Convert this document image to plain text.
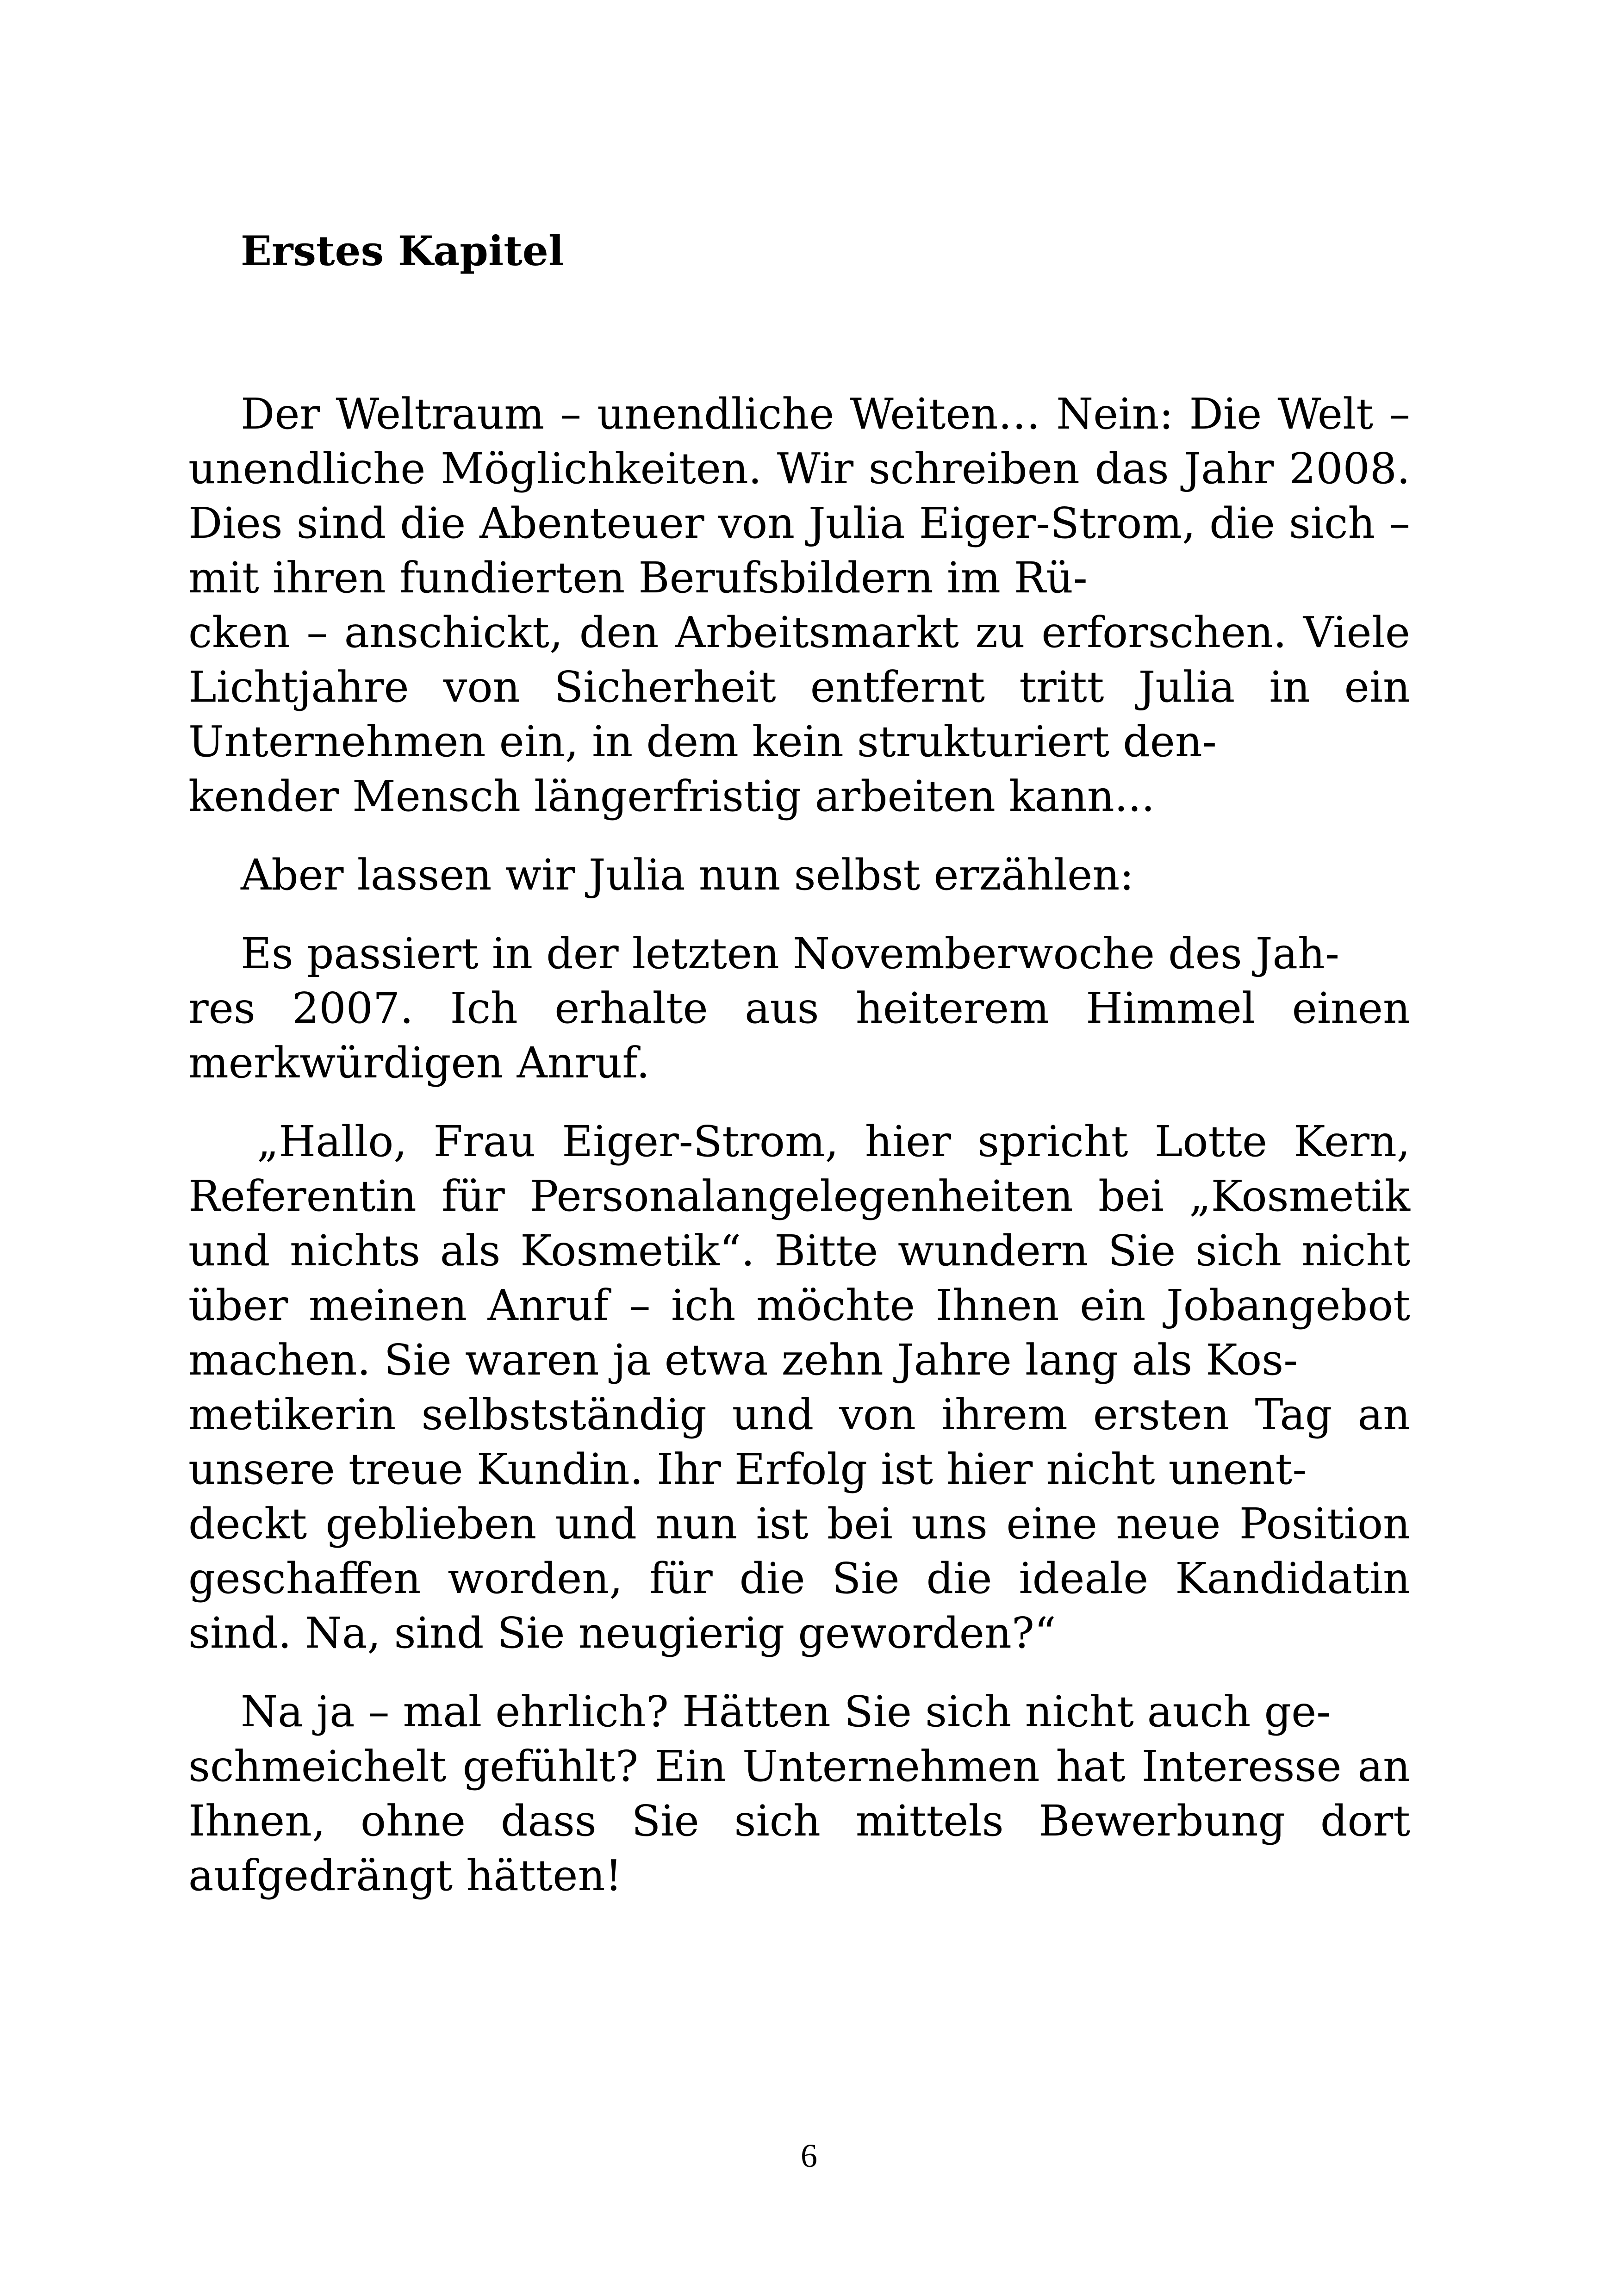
Erstes Kapitel

Der Weltraum – unendliche Weiten… Nein: Die Welt – unendliche Möglichkeiten. Wir schreiben das Jahr 2008. Dies sind die Abenteuer von Julia Eiger-Strom, die sich – mit ihren fundierten Berufsbildern im Rü-
cken – anschickt, den Arbeitsmarkt zu erforschen. Viele Lichtjahre von Sicherheit entfernt tritt Julia in ein Unternehmen ein, in dem kein strukturiert den-
kender Mensch längerfristig arbeiten kann...

Aber lassen wir Julia nun selbst erzählen:

Es passiert in der letzten Novemberwoche des Jah-
res 2007. Ich erhalte aus heiterem Himmel einen merkwürdigen Anruf.

„Hallo, Frau Eiger-Strom, hier spricht Lotte Kern, Referentin für Personalangelegenheiten bei „Kosmetik und nichts als Kosmetik“. Bitte wundern Sie sich nicht über meinen Anruf – ich möchte Ihnen ein Jobangebot machen. Sie waren ja etwa zehn Jahre lang als Kos-
metikerin selbstständig und von ihrem ersten Tag an unsere treue Kundin. Ihr Erfolg ist hier nicht unent-
deckt geblieben und nun ist bei uns eine neue Position geschaffen worden, für die Sie die ideale Kandidatin sind. Na, sind Sie neugierig geworden?“

Na ja – mal ehrlich? Hätten Sie sich nicht auch ge-
schmeichelt gefühlt? Ein Unternehmen hat Interesse an Ihnen, ohne dass Sie sich mittels Bewerbung dort aufgedrängt hätten!

6
